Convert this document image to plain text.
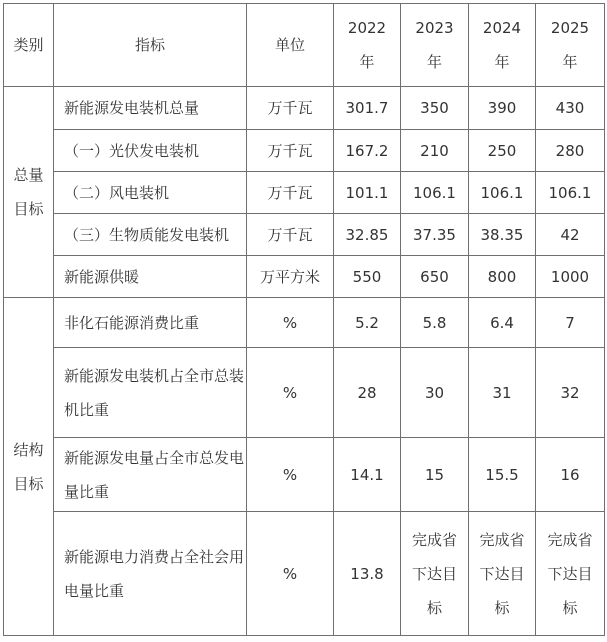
类别	指标	单位	2022年	2023年	2024年	2025年

总量目标	新能源发电装机总量	万千瓦	301.7	350	390	430
	（一）光伏发电装机	万千瓦	167.2	210	250	280
	（二）风电装机	万千瓦	101.1	106.1	106.1	106.1
	（三）生物质能发电装机	万千瓦	32.85	37.35	38.35	42
	新能源供暖	万平方米	550	650	800	1000

结构目标	非化石能源消费比重	%	5.2	5.8	6.4	7

	新能源发电装机占全市总装机比重	%	28	30	31	32

	新能源发电量占全市总发电量比重	%	14.1	15	15.5	16

	新能源电力消费占全社会用电量比重	%	13.8	完成省下达目标	完成省下达目标	完成省下达目标
